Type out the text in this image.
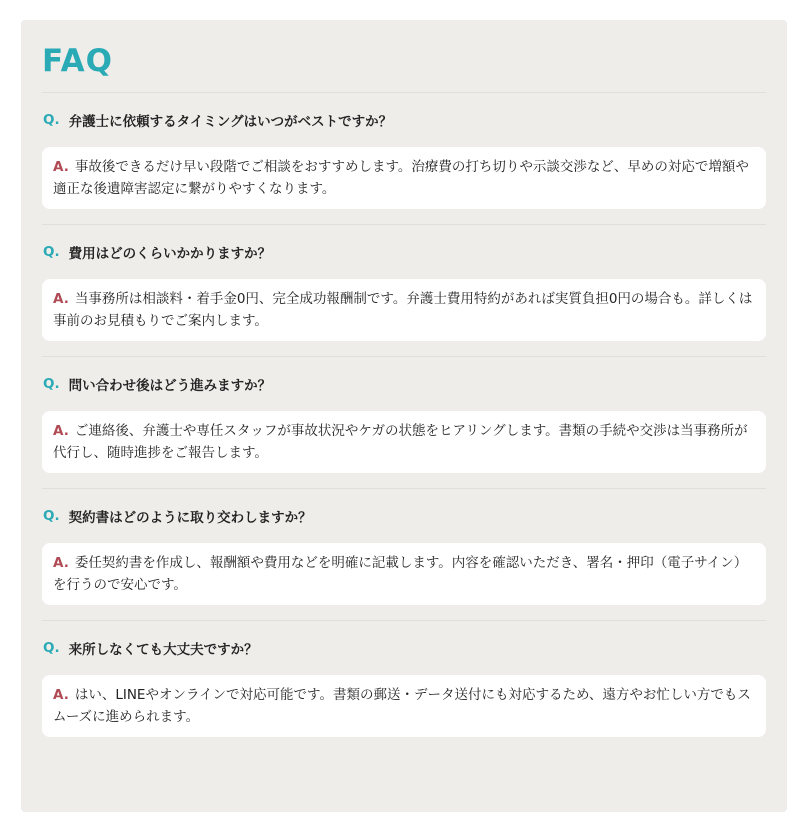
FAQ
Q. 弁護士に依頼するタイミングはいつがベストですか？
A. 事故後できるだけ早い段階でご相談をおすすめします。治療費の打ち切りや示談交渉など、早めの対応で増額や適正な後遺障害認定に繋がりやすくなります。
Q. 費用はどのくらいかかりますか？
A. 当事務所は相談料・着手金0円、完全成功報酬制です。弁護士費用特約があれば実質負担0円の場合も。詳しくは事前のお見積もりでご案内します。
Q. 問い合わせ後はどう進みますか？
A. ご連絡後、弁護士や専任スタッフが事故状況やケガの状態をヒアリングします。書類の手続や交渉は当事務所が代行し、随時進捗をご報告します。
Q. 契約書はどのように取り交わしますか？
A. 委任契約書を作成し、報酬額や費用などを明確に記載します。内容を確認いただき、署名・押印（電子サイン）を行うので安心です。
Q. 来所しなくても大丈夫ですか？
A. はい、LINEやオンラインで対応可能です。書類の郵送・データ送付にも対応するため、遠方やお忙しい方でもスムーズに進められます。
